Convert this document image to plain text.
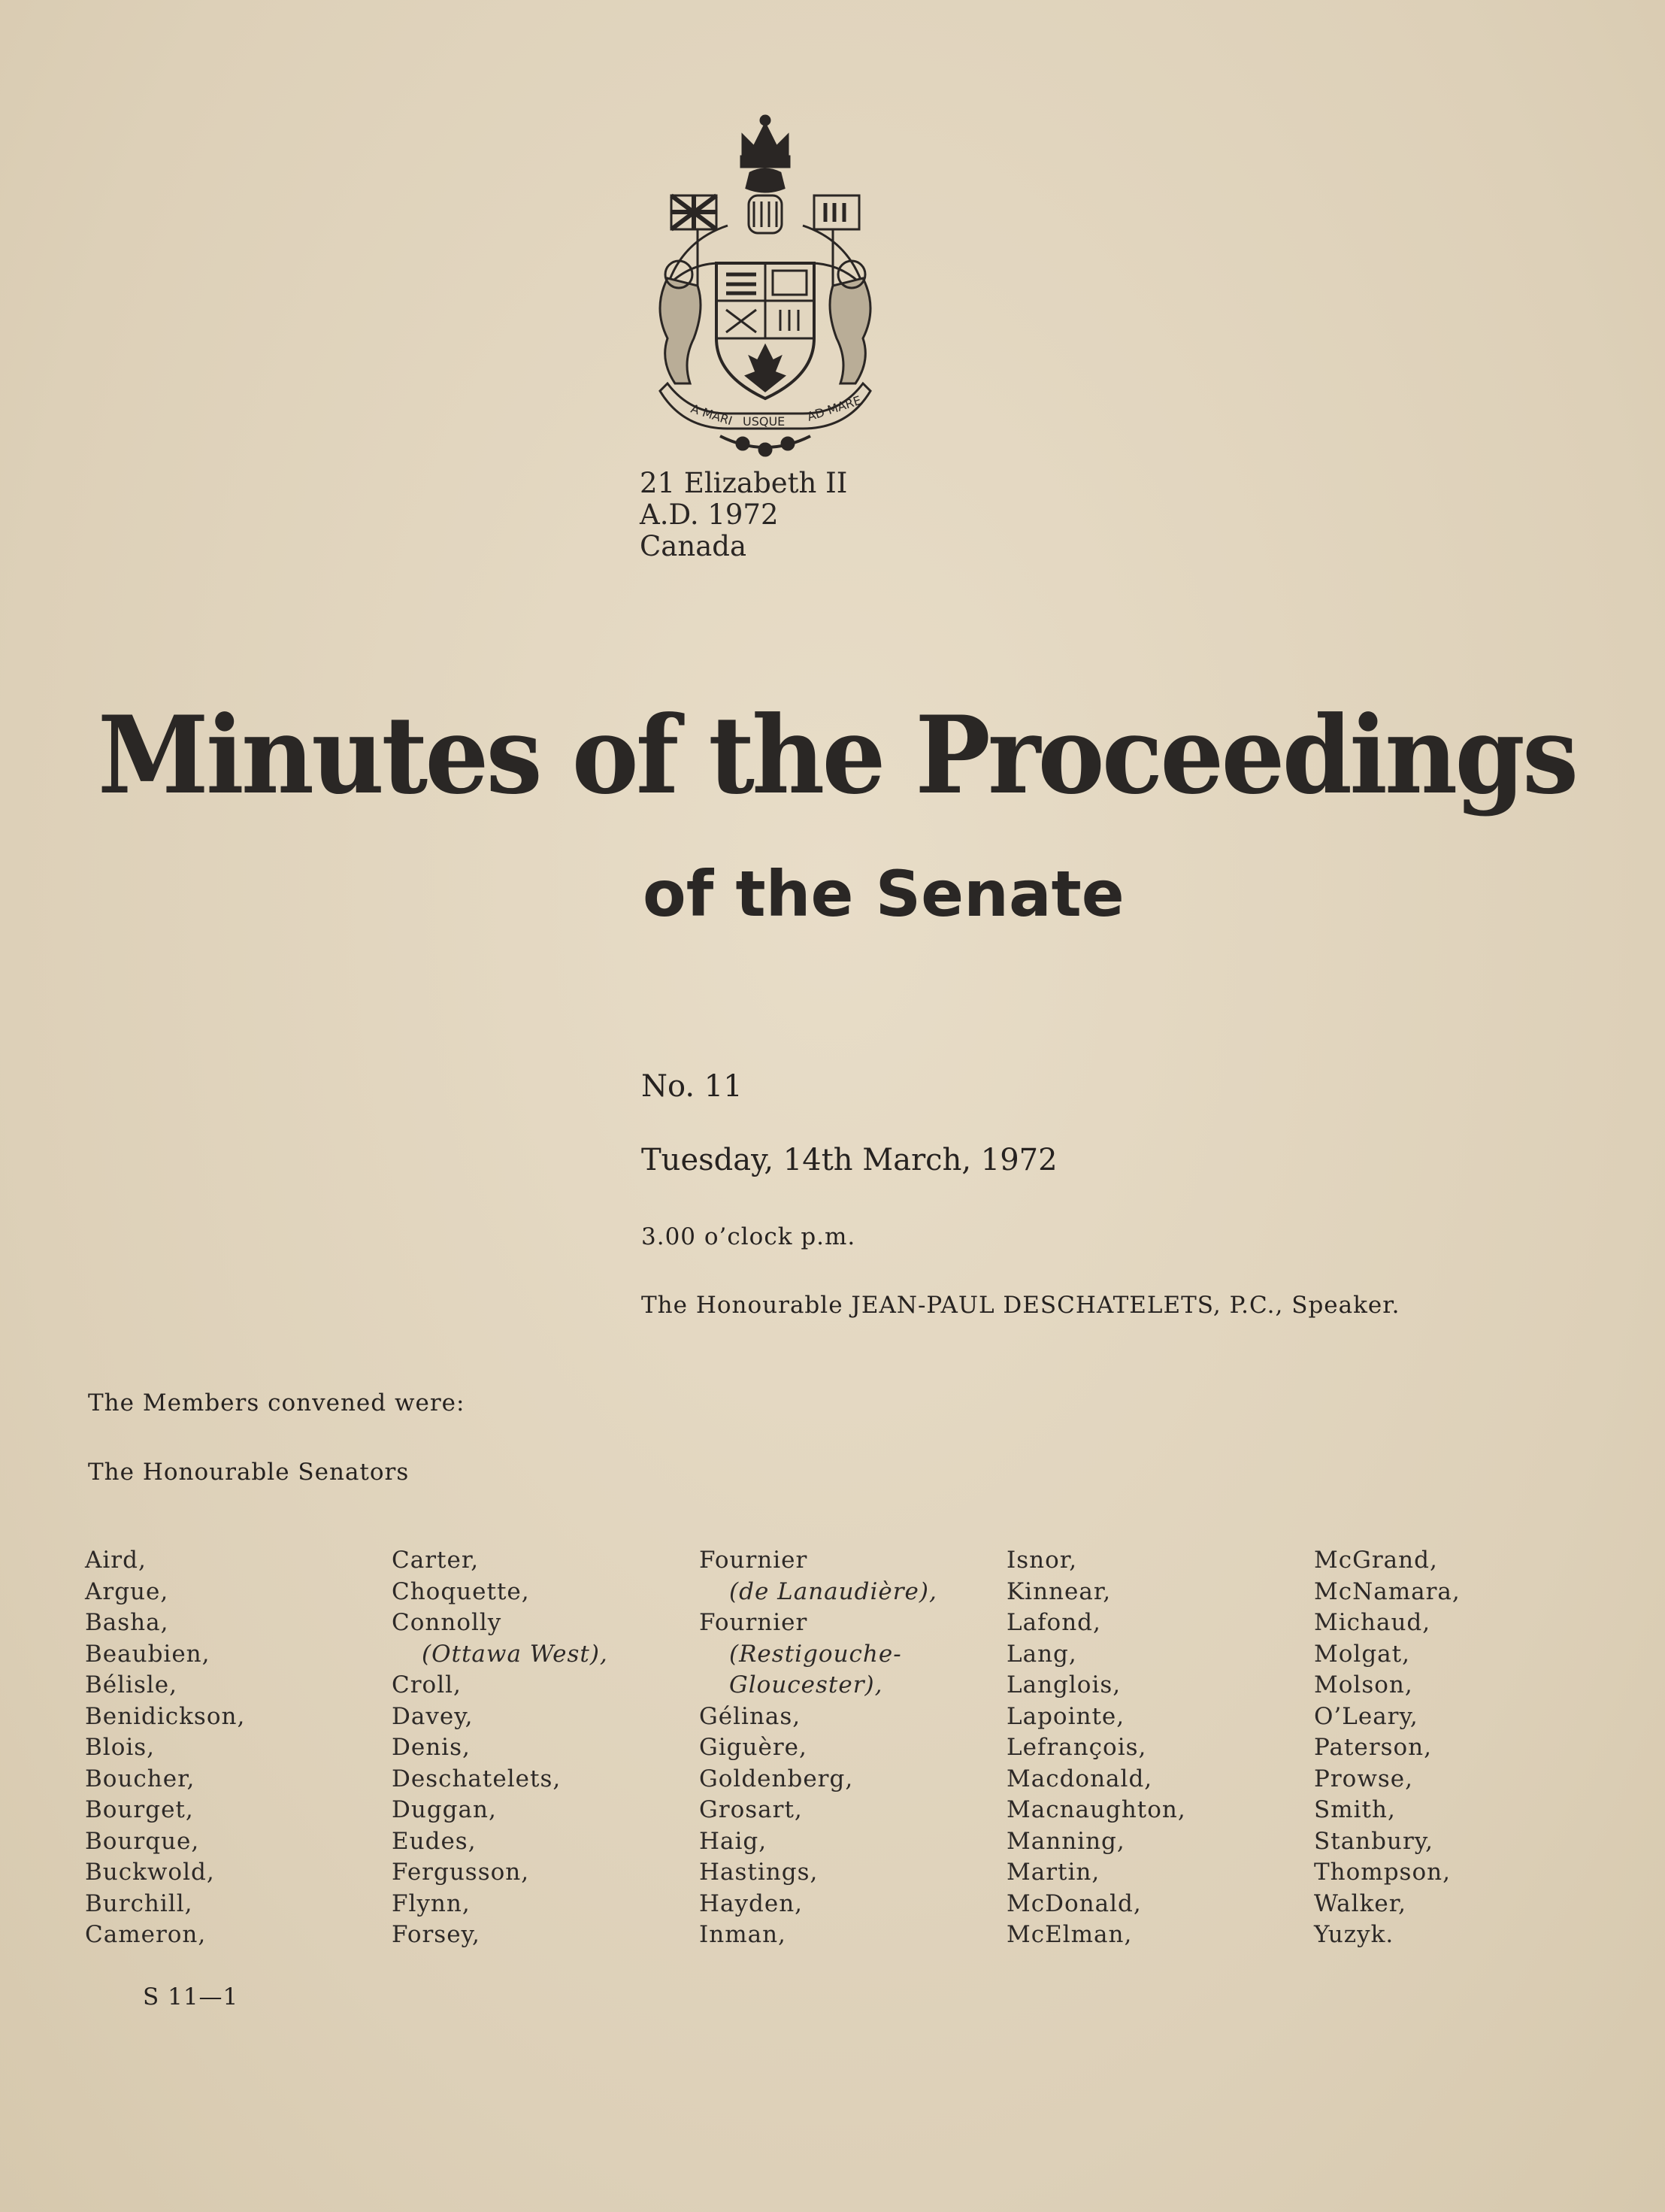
A MARI USQUE AD MARE
21 Elizabeth II
A.D. 1972
Canada
Minutes of the Proceedings
of the Senate
No. 11
Tuesday, 14th March, 1972
3.00 o’clock p.m.
The Honourable JEAN-PAUL DESCHATELETS, P.C., Speaker.
The Members convened were:
The Honourable Senators
Aird,
Argue,
Basha,
Beaubien,
Bélisle,
Benidickson,
Blois,
Boucher,
Bourget,
Bourque,
Buckwold,
Burchill,
Cameron,
Carter,
Choquette,
Connolly
(Ottawa West),
Croll,
Davey,
Denis,
Deschatelets,
Duggan,
Eudes,
Fergusson,
Flynn,
Forsey,
Fournier
(de Lanaudière),
Fournier
(Restigouche-
Gloucester),
Gélinas,
Giguère,
Goldenberg,
Grosart,
Haig,
Hastings,
Hayden,
Inman,
Isnor,
Kinnear,
Lafond,
Lang,
Langlois,
Lapointe,
Lefrançois,
Macdonald,
Macnaughton,
Manning,
Martin,
McDonald,
McElman,
McGrand,
McNamara,
Michaud,
Molgat,
Molson,
O’Leary,
Paterson,
Prowse,
Smith,
Stanbury,
Thompson,
Walker,
Yuzyk.
S 11—1
